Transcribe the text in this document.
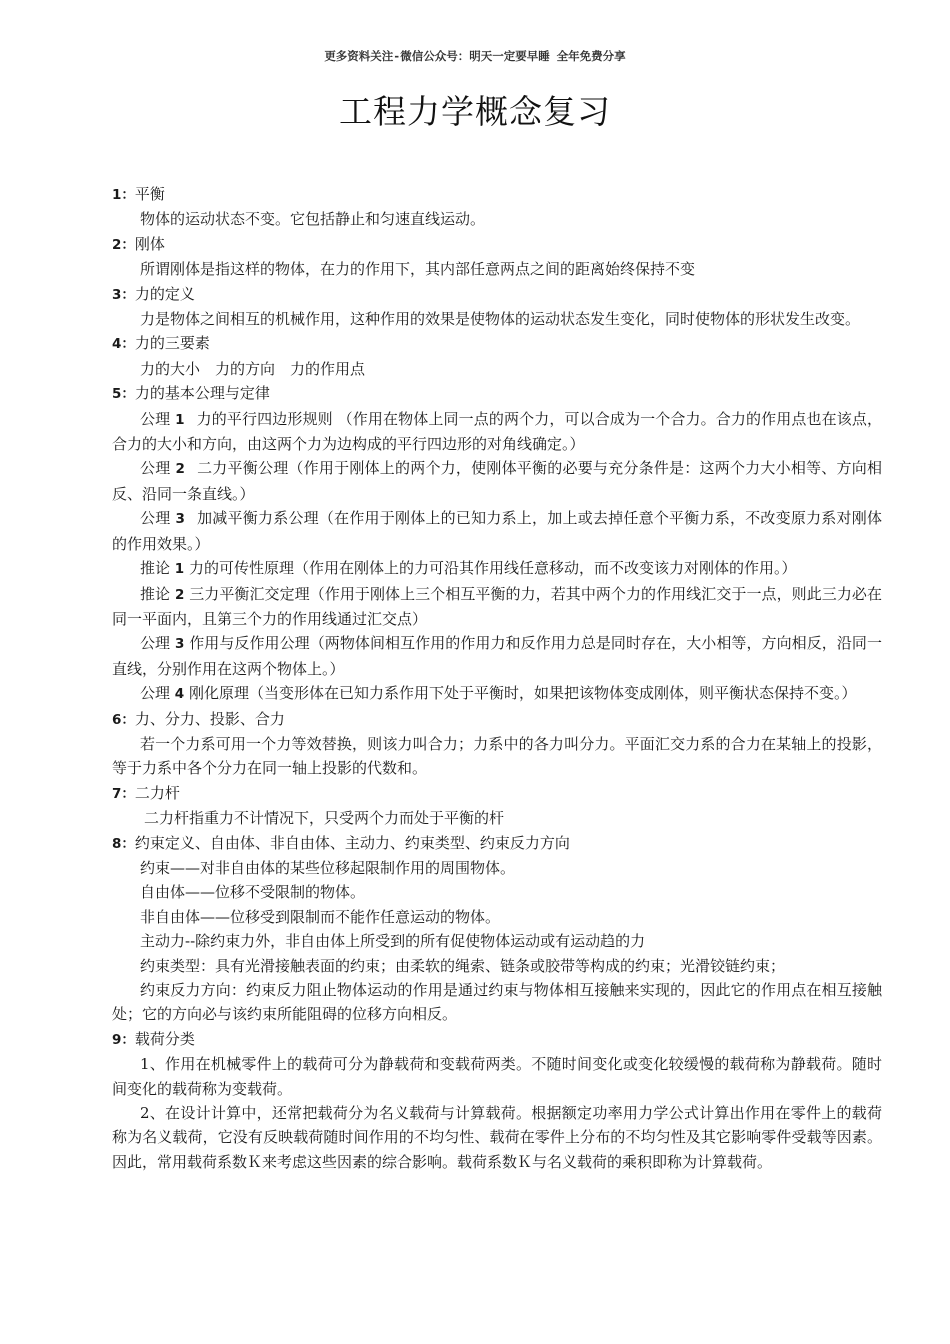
更多资料关注-微信公众号：明天一定要早睡 全年免费分享
工程力学概念复习

1：平衡

物体的运动状态不变。它包括静止和匀速直线运动。

2：刚体

所谓刚体是指这样的物体，在力的作用下，其内部任意两点之间的距离始终保持不变

3：力的定义

力是物体之间相互的机械作用，这种作用的效果是使物体的运动状态发生变化，同时使物体的形状发生改变。

4：力的三要素

力的大小　力的方向　力的作用点

5：力的基本公理与定律

公理 1 力的平行四边形规则 （作用在物体上同一点的两个力，可以合成为一个合力。合力的作用点也在该点，合力的大小和方向，由这两个力为边构成的平行四边形的对角线确定。）

公理 2 二力平衡公理（作用于刚体上的两个力，使刚体平衡的必要与充分条件是：这两个力大小相等、方向相反、沿同一条直线。）

公理 3 加减平衡力系公理（在作用于刚体上的已知力系上，加上或去掉任意个平衡力系，不改变原力系对刚体的作用效果。）

推论 1 力的可传性原理（作用在刚体上的力可沿其作用线任意移动，而不改变该力对刚体的作用。）

推论 2 三力平衡汇交定理（作用于刚体上三个相互平衡的力，若其中两个力的作用线汇交于一点，则此三力必在同一平面内，且第三个力的作用线通过汇交点）

公理 3 作用与反作用公理（两物体间相互作用的作用力和反作用力总是同时存在，大小相等，方向相反，沿同一直线，分别作用在这两个物体上。）

公理 4 刚化原理（当变形体在已知力系作用下处于平衡时，如果把该物体变成刚体，则平衡状态保持不变。）

6：力、分力、投影、合力

若一个力系可用一个力等效替换，则该力叫合力；力系中的各力叫分力。平面汇交力系的合力在某轴上的投影，等于力系中各个分力在同一轴上投影的代数和。

7：二力杆

二力杆指重力不计情况下，只受两个力而处于平衡的杆

8：约束定义、自由体、非自由体、主动力、约束类型、约束反力方向

约束——对非自由体的某些位移起限制作用的周围物体。

自由体——位移不受限制的物体。

非自由体——位移受到限制而不能作任意运动的物体。

主动力--除约束力外，非自由体上所受到的所有促使物体运动或有运动趋的力

约束类型：具有光滑接触表面的约束；由柔软的绳索、链条或胶带等构成的约束；光滑铰链约束；

约束反力方向：约束反力阻止物体运动的作用是通过约束与物体相互接触来实现的，因此它的作用点在相互接触处；它的方向必与该约束所能阻碍的位移方向相反。

9：载荷分类

1、作用在机械零件上的载荷可分为静载荷和变载荷两类。不随时间变化或变化较缓慢的载荷称为静载荷。随时间变化的载荷称为变载荷。

2、在设计计算中，还常把载荷分为名义载荷与计算载荷。根据额定功率用力学公式计算出作用在零件上的载荷称为名义载荷，它没有反映载荷随时间作用的不均匀性、载荷在零件上分布的不均匀性及其它影响零件受载等因素。因此，常用载荷系数Ｋ来考虑这些因素的综合影响。载荷系数Ｋ与名义载荷的乘积即称为计算载荷。
